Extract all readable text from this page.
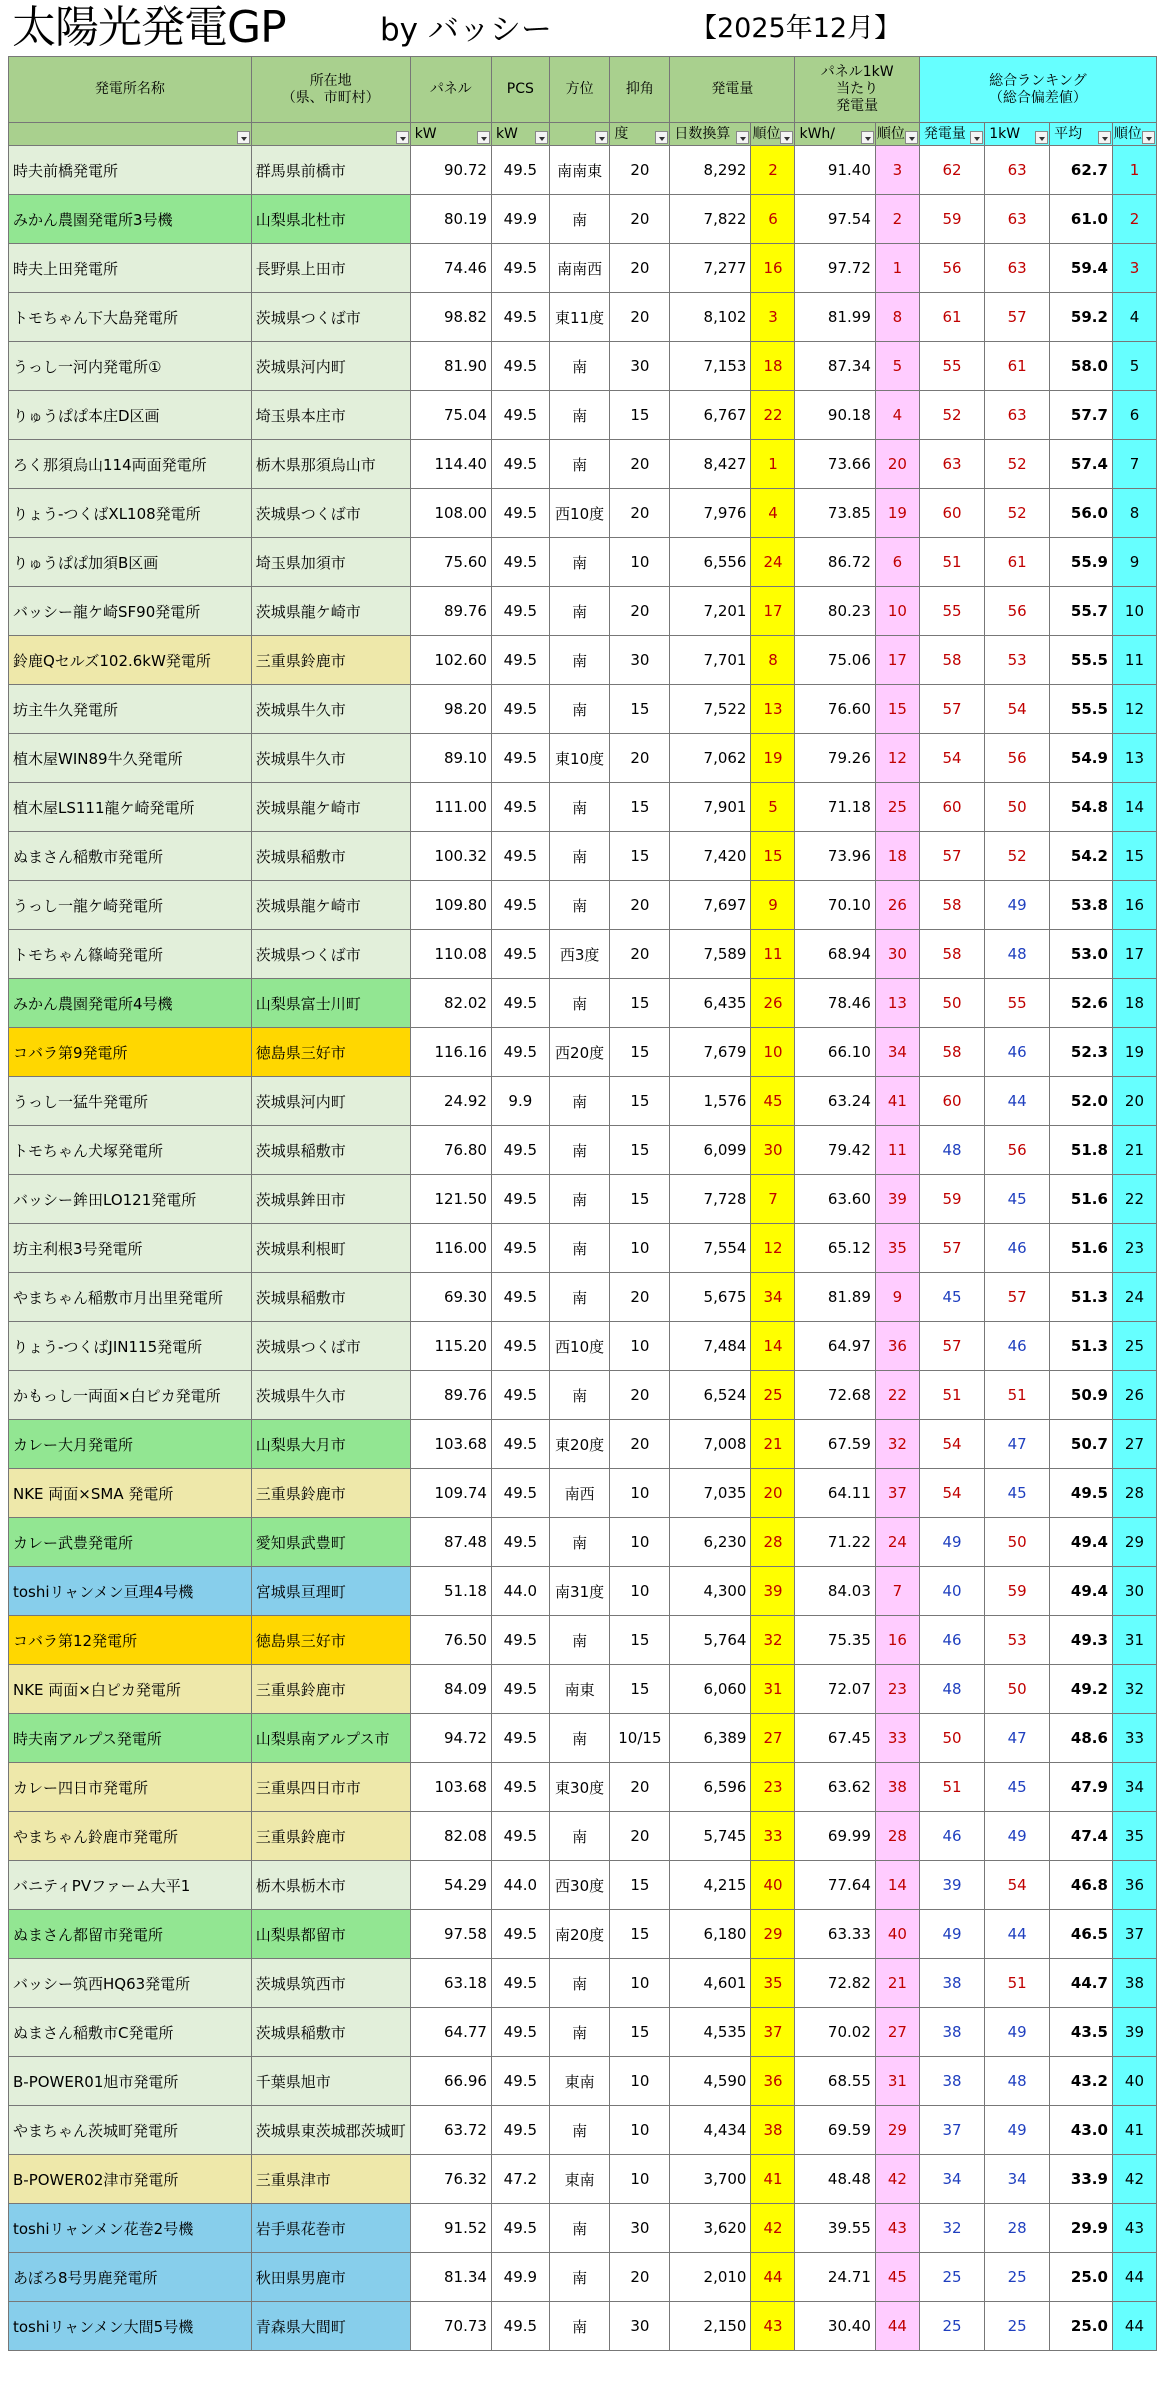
太陽光発電GP	by バッシー	【2025年12月】
発電所名称	所在地
（県、市町村）	パネル	PCS	方位	抑角	発電量		パネル1kW
当たり
発電量		総合ランキング
（総合偏差値）			
		kW	kW		度	日数換算	順位	kWh/	順位	発電量	1kW	平均	順位
時夫前橋発電所	群馬県前橋市	90.72	49.5	南南東	20	8,292	2	91.40	3	62	63	62.7	1
みかん農園発電所3号機	山梨県北杜市	80.19	49.9	南	20	7,822	6	97.54	2	59	63	61.0	2
時夫上田発電所	長野県上田市	74.46	49.5	南南西	20	7,277	16	97.72	1	56	63	59.4	3
トモちゃん下大島発電所	茨城県つくば市	98.82	49.5	東11度	20	8,102	3	81.99	8	61	57	59.2	4
うっし一河内発電所①	茨城県河内町	81.90	49.5	南	30	7,153	18	87.34	5	55	61	58.0	5
りゅうぱぱ本庄D区画	埼玉県本庄市	75.04	49.5	南	15	6,767	22	90.18	4	52	63	57.7	6
ろく那須烏山114両面発電所	栃木県那須烏山市	114.40	49.5	南	20	8,427	1	73.66	20	63	52	57.4	7
りょう-つくばXL108発電所	茨城県つくば市	108.00	49.5	西10度	20	7,976	4	73.85	19	60	52	56.0	8
りゅうぱぱ加須B区画	埼玉県加須市	75.60	49.5	南	10	6,556	24	86.72	6	51	61	55.9	9
バッシー龍ケ崎SF90発電所	茨城県龍ケ崎市	89.76	49.5	南	20	7,201	17	80.23	10	55	56	55.7	10
鈴鹿Qセルズ102.6kW発電所	三重県鈴鹿市	102.60	49.5	南	30	7,701	8	75.06	17	58	53	55.5	11
坊主牛久発電所	茨城県牛久市	98.20	49.5	南	15	7,522	13	76.60	15	57	54	55.5	12
植木屋WIN89牛久発電所	茨城県牛久市	89.10	49.5	東10度	20	7,062	19	79.26	12	54	56	54.9	13
植木屋LS111龍ケ崎発電所	茨城県龍ケ崎市	111.00	49.5	南	15	7,901	5	71.18	25	60	50	54.8	14
ぬまさん稲敷市発電所	茨城県稲敷市	100.32	49.5	南	15	7,420	15	73.96	18	57	52	54.2	15
うっし一龍ケ崎発電所	茨城県龍ケ崎市	109.80	49.5	南	20	7,697	9	70.10	26	58	49	53.8	16
トモちゃん篠崎発電所	茨城県つくば市	110.08	49.5	西3度	20	7,589	11	68.94	30	58	48	53.0	17
みかん農園発電所4号機	山梨県富士川町	82.02	49.5	南	15	6,435	26	78.46	13	50	55	52.6	18
コバラ第9発電所	徳島県三好市	116.16	49.5	西20度	15	7,679	10	66.10	34	58	46	52.3	19
うっし一猛牛発電所	茨城県河内町	24.92	9.9	南	15	1,576	45	63.24	41	60	44	52.0	20
トモちゃん犬塚発電所	茨城県稲敷市	76.80	49.5	南	15	6,099	30	79.42	11	48	56	51.8	21
バッシー鉾田LO121発電所	茨城県鉾田市	121.50	49.5	南	15	7,728	7	63.60	39	59	45	51.6	22
坊主利根3号発電所	茨城県利根町	116.00	49.5	南	10	7,554	12	65.12	35	57	46	51.6	23
やまちゃん稲敷市月出里発電所	茨城県稲敷市	69.30	49.5	南	20	5,675	34	81.89	9	45	57	51.3	24
りょう-つくばJIN115発電所	茨城県つくば市	115.20	49.5	西10度	10	7,484	14	64.97	36	57	46	51.3	25
かもっし一両面×白ピカ発電所	茨城県牛久市	89.76	49.5	南	20	6,524	25	72.68	22	51	51	50.9	26
カレー大月発電所	山梨県大月市	103.68	49.5	東20度	20	7,008	21	67.59	32	54	47	50.7	27
NKE 両面×SMA 発電所	三重県鈴鹿市	109.74	49.5	南西	10	7,035	20	64.11	37	54	45	49.5	28
カレー武豊発電所	愛知県武豊町	87.48	49.5	南	10	6,230	28	71.22	24	49	50	49.4	29
toshiリャンメン亘理4号機	宮城県亘理町	51.18	44.0	南31度	10	4,300	39	84.03	7	40	59	49.4	30
コバラ第12発電所	徳島県三好市	76.50	49.5	南	15	5,764	32	75.35	16	46	53	49.3	31
NKE 両面×白ピカ発電所	三重県鈴鹿市	84.09	49.5	南東	15	6,060	31	72.07	23	48	50	49.2	32
時夫南アルプス発電所	山梨県南アルプス市	94.72	49.5	南	10/15	6,389	27	67.45	33	50	47	48.6	33
カレー四日市発電所	三重県四日市市	103.68	49.5	東30度	20	6,596	23	63.62	38	51	45	47.9	34
やまちゃん鈴鹿市発電所	三重県鈴鹿市	82.08	49.5	南	20	5,745	33	69.99	28	46	49	47.4	35
バニティPVファーム大平1	栃木県栃木市	54.29	44.0	西30度	15	4,215	40	77.64	14	39	54	46.8	36
ぬまさん都留市発電所	山梨県都留市	97.58	49.5	南20度	15	6,180	29	63.33	40	49	44	46.5	37
バッシー筑西HQ63発電所	茨城県筑西市	63.18	49.5	南	10	4,601	35	72.82	21	38	51	44.7	38
ぬまさん稲敷市C発電所	茨城県稲敷市	64.77	49.5	南	15	4,535	37	70.02	27	38	49	43.5	39
B-POWER01旭市発電所	千葉県旭市	66.96	49.5	東南	10	4,590	36	68.55	31	38	48	43.2	40
やまちゃん茨城町発電所	茨城県東茨城郡茨城町	63.72	49.5	南	10	4,434	38	69.59	29	37	49	43.0	41
B-POWER02津市発電所	三重県津市	76.32	47.2	東南	10	3,700	41	48.48	42	34	34	33.9	42
toshiリャンメン花巻2号機	岩手県花巻市	91.52	49.5	南	30	3,620	42	39.55	43	32	28	29.9	43
あぼろ8号男鹿発電所	秋田県男鹿市	81.34	49.9	南	20	2,010	44	24.71	45	25	25	25.0	44
toshiリャンメン大間5号機	青森県大間町	70.73	49.5	南	30	2,150	43	30.40	44	25	25	25.0	44
